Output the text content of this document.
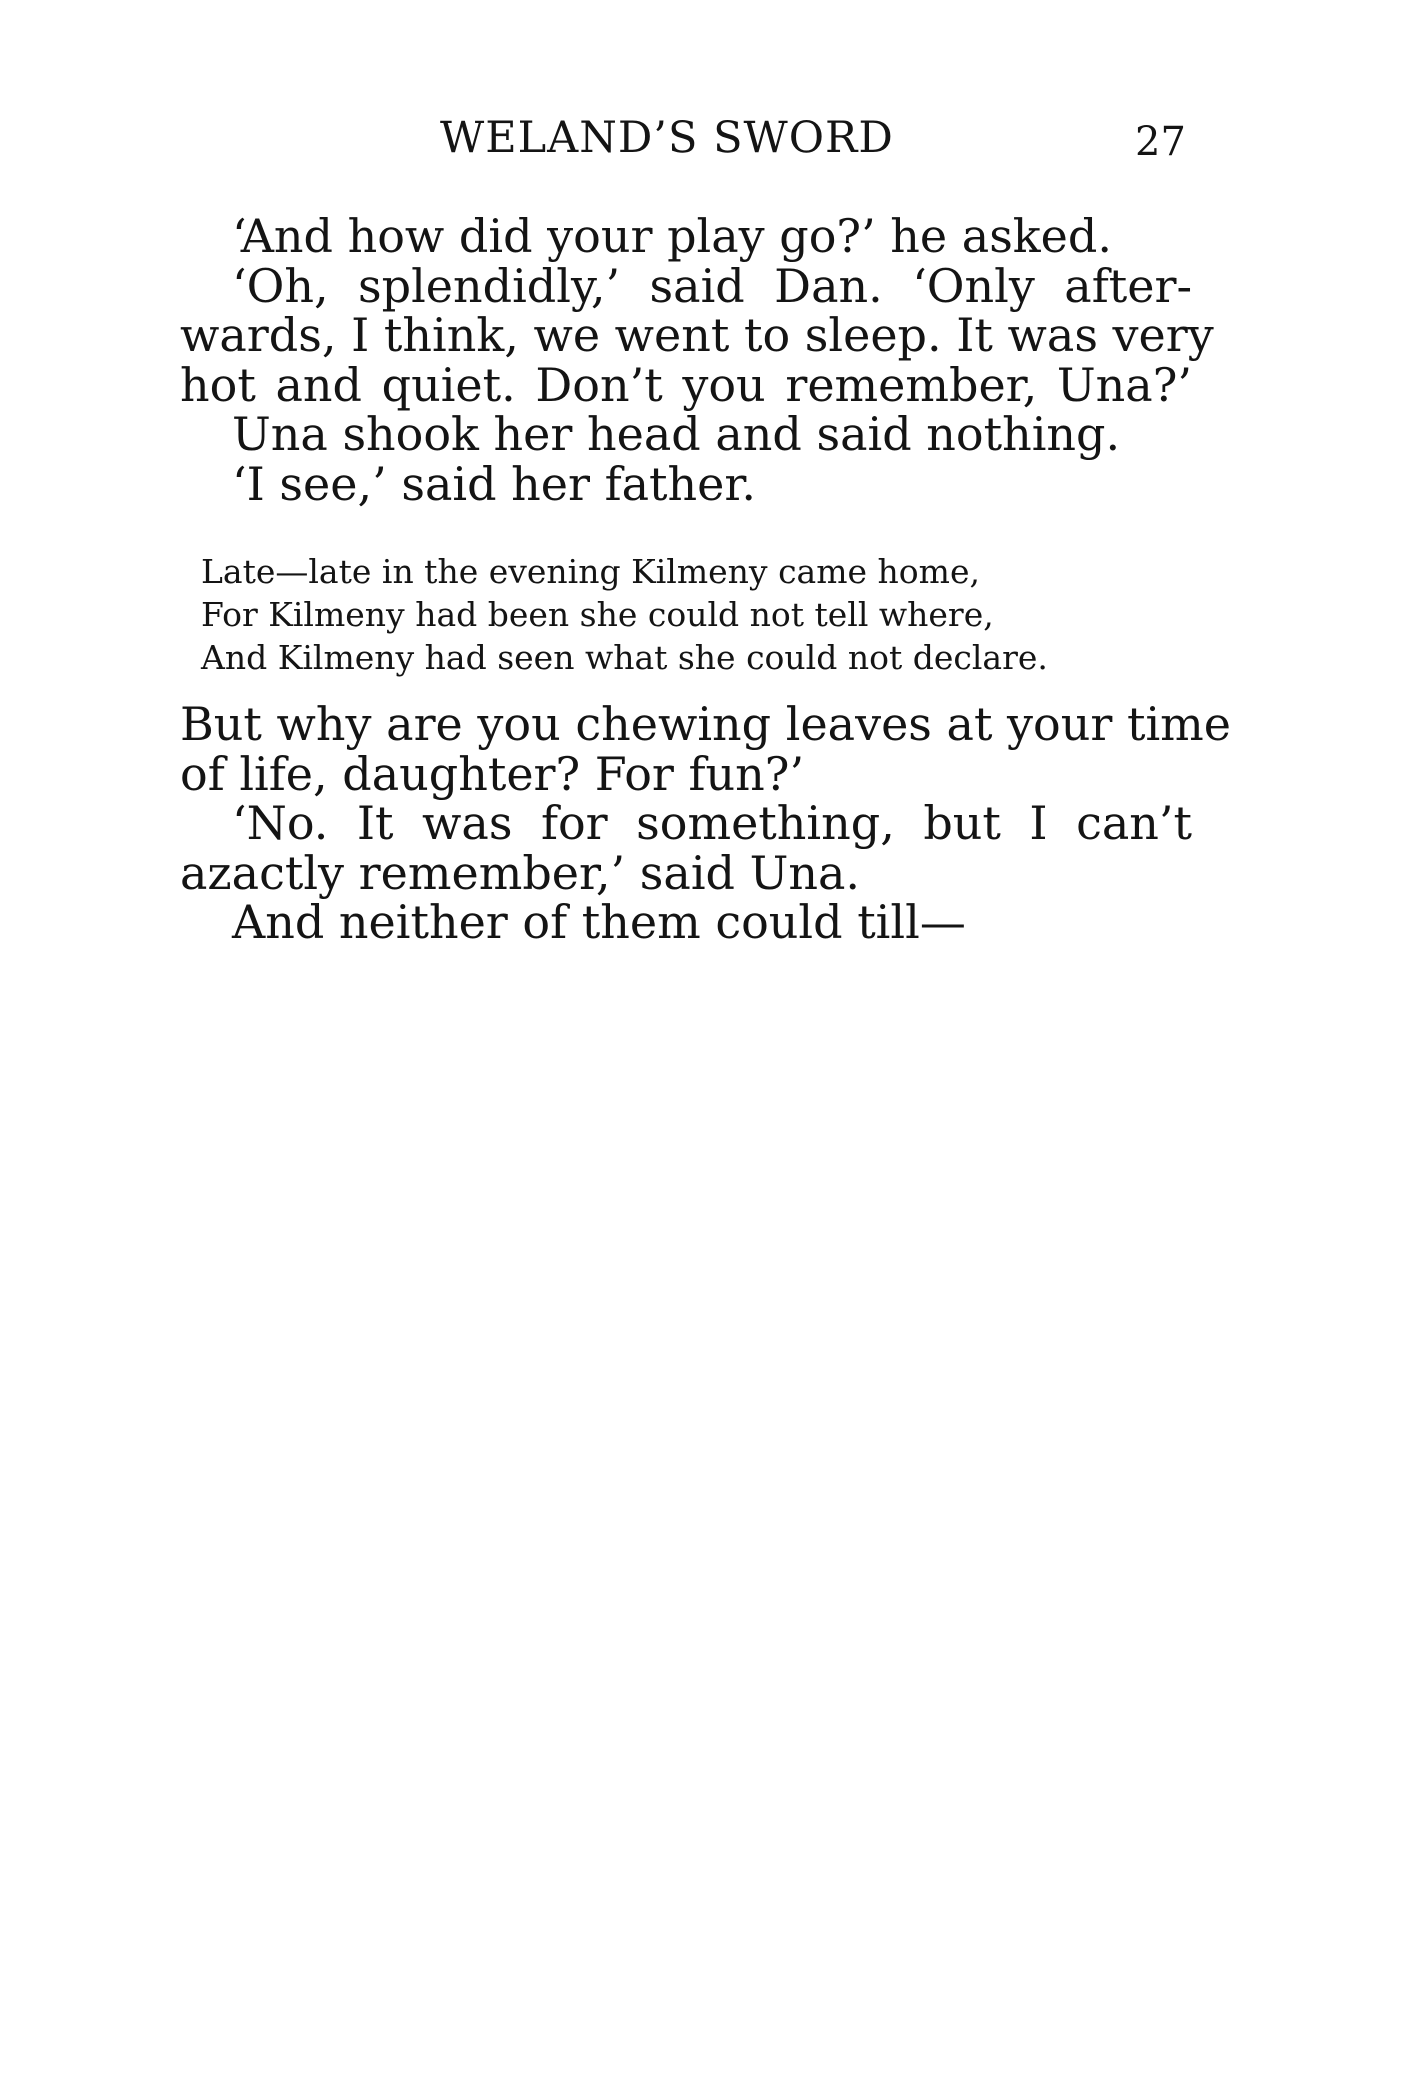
WELAND’S SWORD	27
‘And how did your play go?’ he asked.
‘Oh, splendidly,’ said Dan. ‘Only after-
wards, I think, we went to sleep. It was very
hot and quiet. Don’t you remember, Una?’
Una shook her head and said nothing.
‘I see,’ said her father.
Late—late in the evening Kilmeny came home,
For Kilmeny had been she could not tell where,
And Kilmeny had seen what she could not declare.
But why are you chewing leaves at your time
of life, daughter? For fun?’
‘No. It was for something, but I can’t
azactly remember,’ said Una.
And neither of them could till—
